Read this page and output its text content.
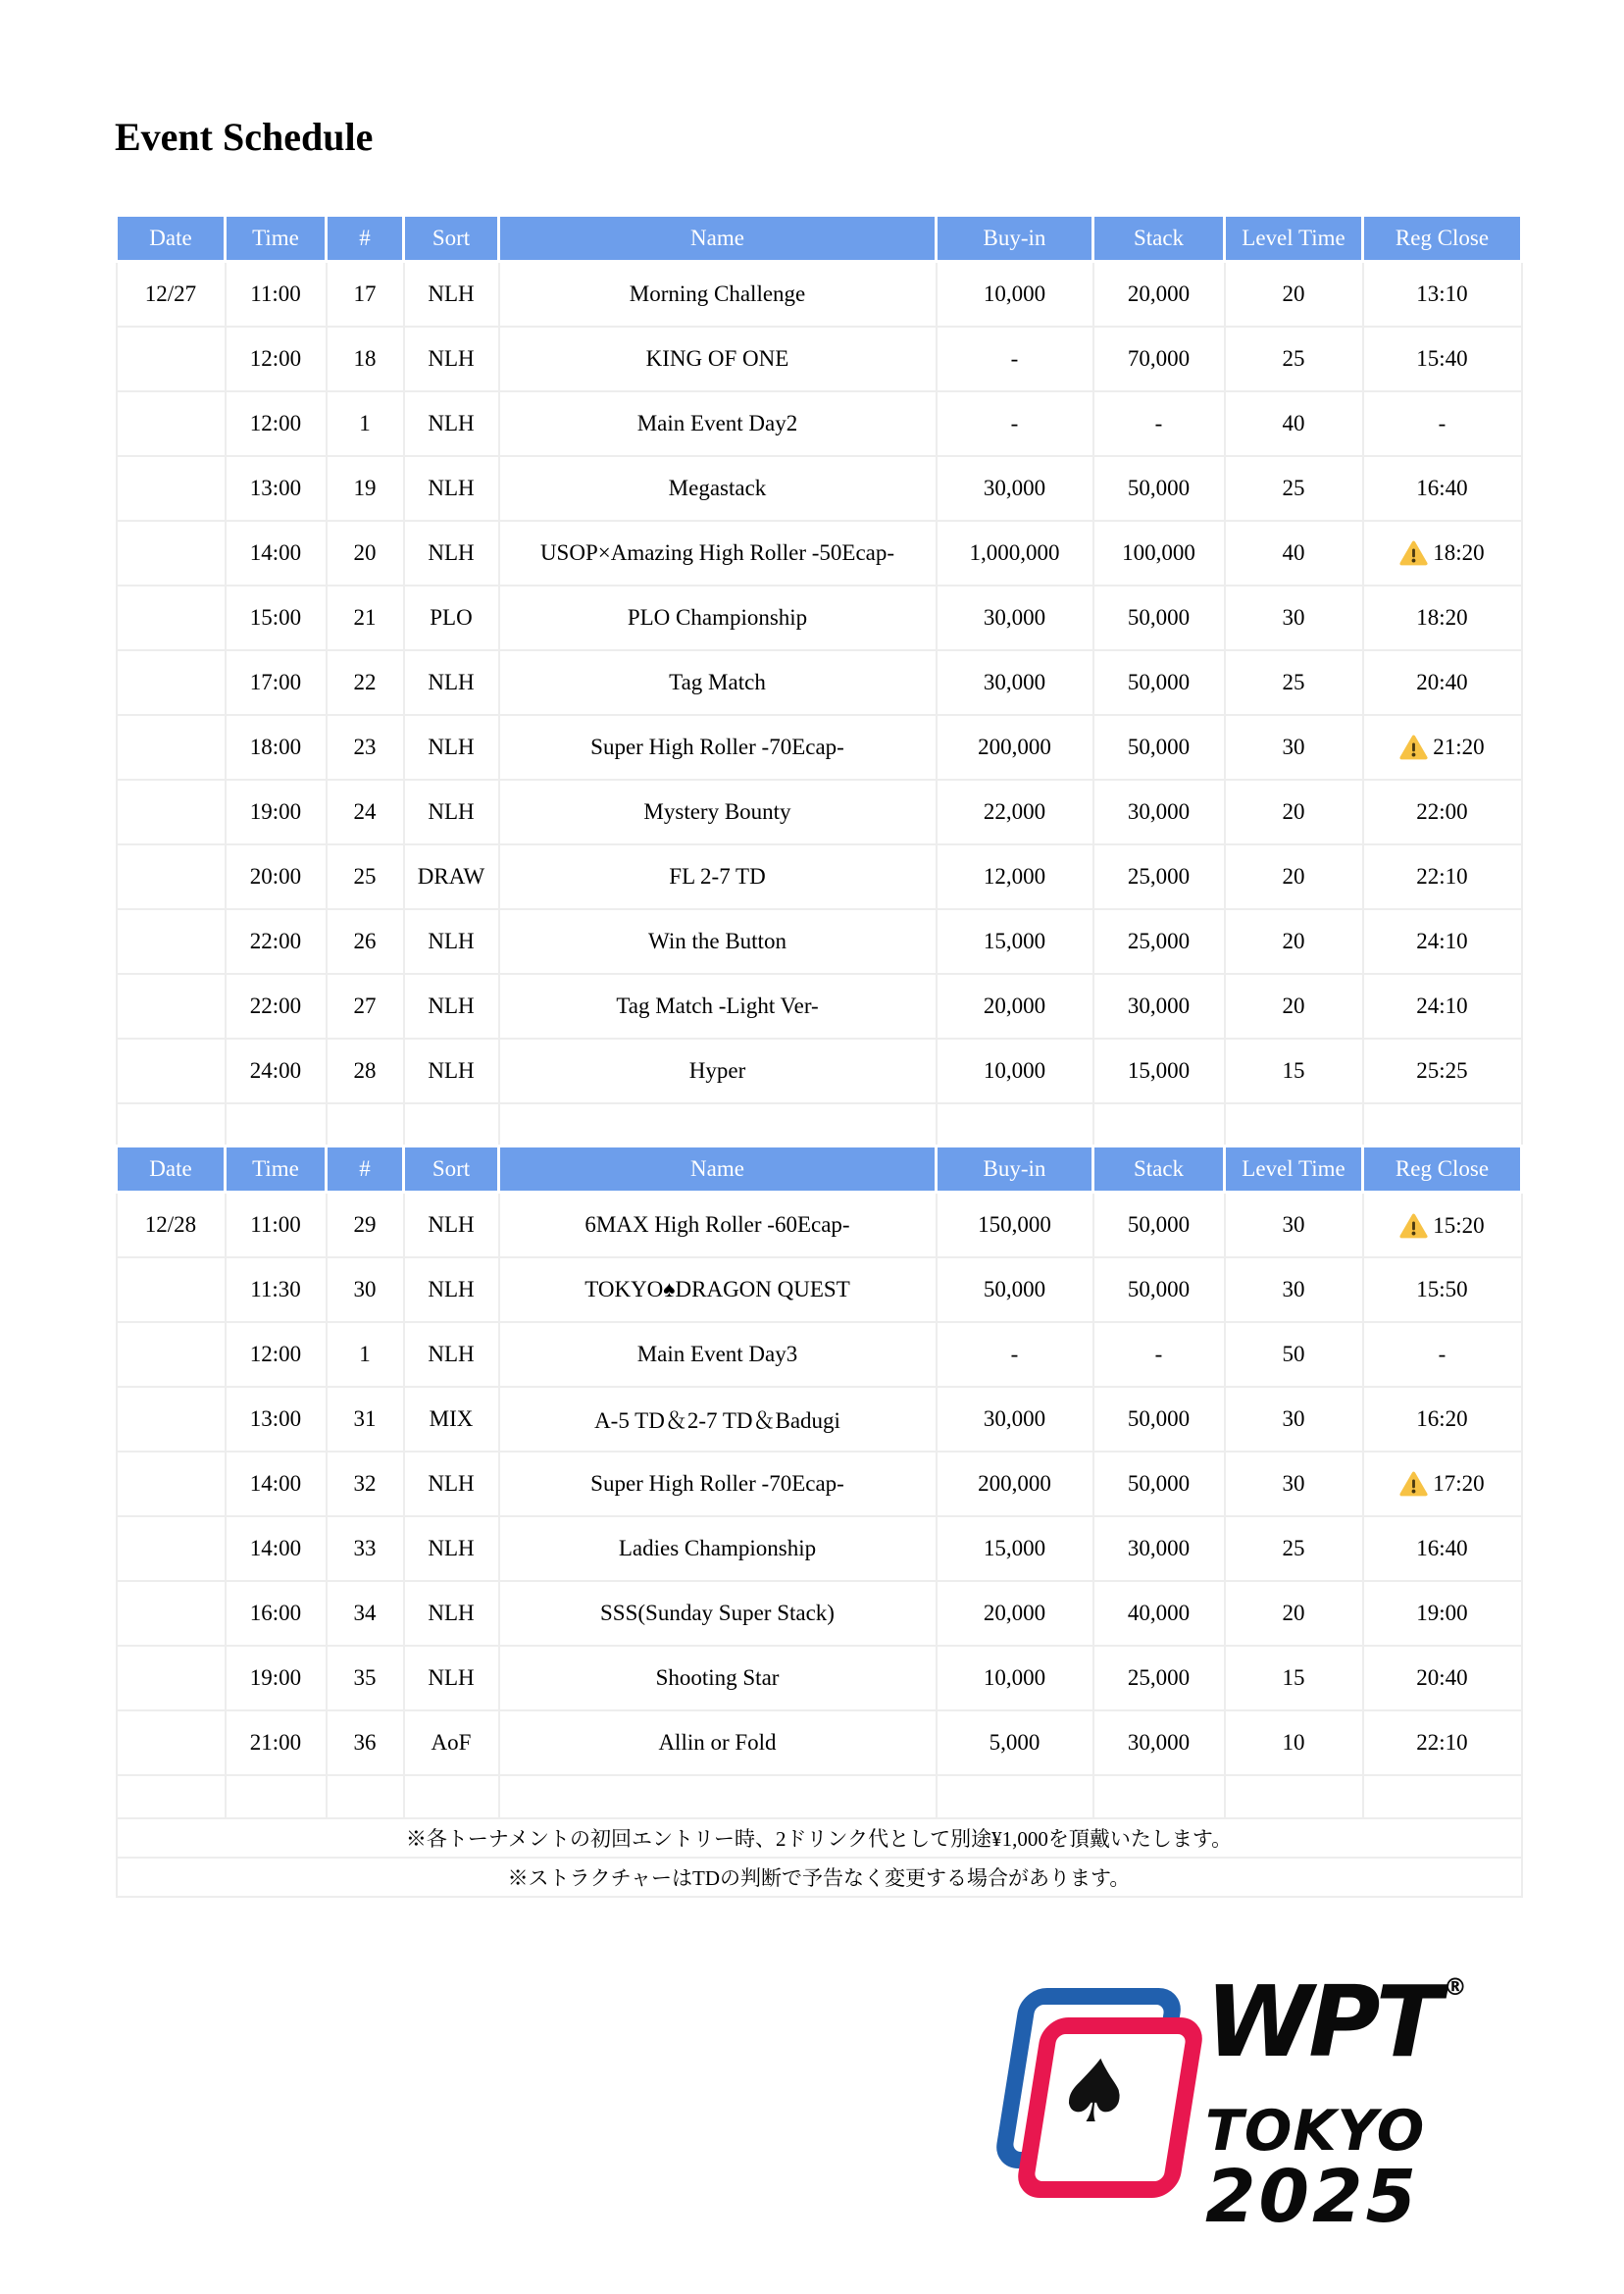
Event Schedule
Date	Time	#	Sort	Name	Buy-in	Stack	Level Time	Reg Close
12/27	11:00	17	NLH	Morning Challenge	10,000	20,000	20	13:10
	12:00	18	NLH	KING OF ONE	-	70,000	25	15:40
	12:00	1	NLH	Main Event Day2	-	-	40	-
	13:00	19	NLH	Megastack	30,000	50,000	25	16:40
	14:00	20	NLH	USOP×Amazing High Roller -50Ecap-	1,000,000	100,000	40	18:20

	15:00	21	PLO	PLO Championship	30,000	50,000	30	18:20
	17:00	22	NLH	Tag Match	30,000	50,000	25	20:40
	18:00	23	NLH	Super High Roller -70Ecap-	200,000	50,000	30	21:20

	19:00	24	NLH	Mystery Bounty	22,000	30,000	20	22:00
	20:00	25	DRAW	FL 2-7 TD	12,000	25,000	20	22:10
	22:00	26	NLH	Win the Button	15,000	25,000	20	24:10
	22:00	27	NLH	Tag Match -Light Ver-	20,000	30,000	20	24:10
	24:00	28	NLH	Hyper	10,000	15,000	15	25:25

Date	Time	#	Sort	Name	Buy-in	Stack	Level Time	Reg Close
12/28	11:00	29	NLH	6MAX High Roller -60Ecap-	150,000	50,000	30	15:20

	11:30	30	NLH	TOKYO♠DRAGON QUEST	50,000	50,000	30	15:50
	12:00	1	NLH	Main Event Day3	-	-	50	-
	13:00	31	MIX	A-5 TD＆2-7 TD＆Badugi	30,000	50,000	30	16:20
	14:00	32	NLH	Super High Roller -70Ecap-	200,000	50,000	30	17:20

	14:00	33	NLH	Ladies Championship	15,000	30,000	25	16:40
	16:00	34	NLH	SSS(Sunday Super Stack)	20,000	40,000	20	19:00
	19:00	35	NLH	Shooting Star	10,000	25,000	15	20:40
	21:00	36	AoF	Allin or Fold	5,000	30,000	10	22:10

※各トーナメントの初回エントリー時、2ドリンク代として別途¥1,000を頂戴いたします。								
※ストラクチャーはTDの判断で予告なく変更する場合があります。								
♠
WPT ®
TOKYO
2025
